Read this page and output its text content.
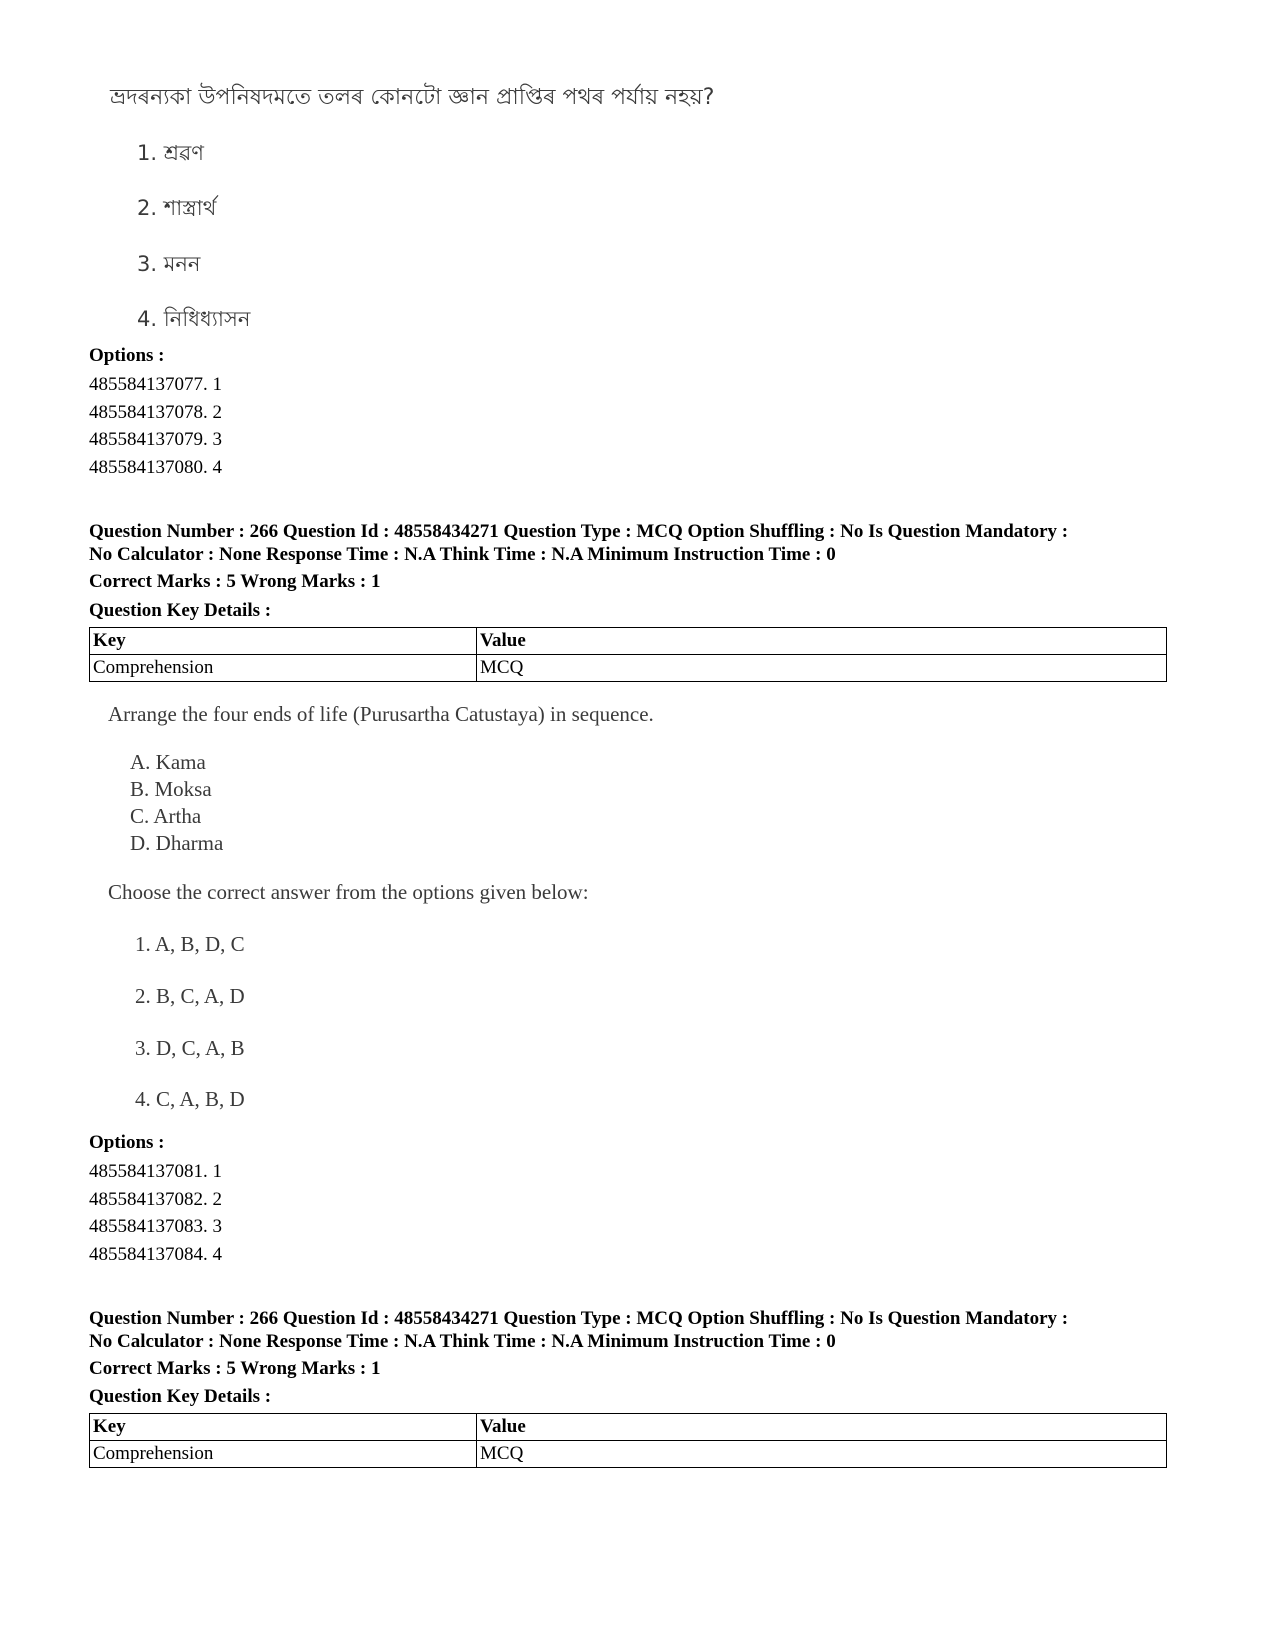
ভ্ৰদৰন্যকা উপনিষদমতে তলৰ কোনটো জ্ঞান প্ৰাপ্তিৰ পথৰ পৰ্যায় নহয়?
1. শ্ৰৱণ
2. শাস্ত্ৰাৰ্থ
3. মনন
4. নিধিধ্যাসন
Options :
485584137077. 1
485584137078. 2
485584137079. 3
485584137080. 4
Question Number : 266 Question Id : 48558434271 Question Type : MCQ Option Shuffling : No Is Question Mandatory :
No Calculator : None Response Time : N.A Think Time : N.A Minimum Instruction Time : 0
Correct Marks : 5 Wrong Marks : 1
Question Key Details :
Key	Value
Comprehension	MCQ
Arrange the four ends of life (Purusartha Catustaya) in sequence.
A. Kama
B. Moksa
C. Artha
D. Dharma
Choose the correct answer from the options given below:
1. A, B, D, C
2. B, C, A, D
3. D, C, A, B
4. C, A, B, D
Options :
485584137081. 1
485584137082. 2
485584137083. 3
485584137084. 4
Question Number : 266 Question Id : 48558434271 Question Type : MCQ Option Shuffling : No Is Question Mandatory :
No Calculator : None Response Time : N.A Think Time : N.A Minimum Instruction Time : 0
Correct Marks : 5 Wrong Marks : 1
Question Key Details :
Key	Value
Comprehension	MCQ
